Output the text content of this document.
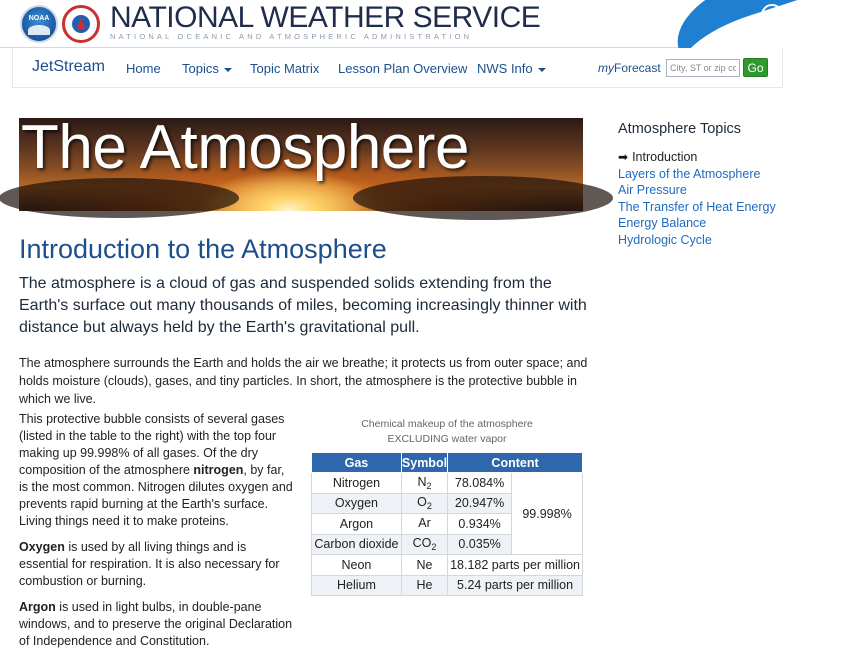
NOAA NATIONAL WEATHER SERVICE
NATIONAL OCEANIC AND ATMOSPHERIC ADMINISTRATION
❅
JetStream Home Topics	Topic Matrix Lesson Plan Overview NWS Info	myForecast
City, ST or zip code	Go
The Atmosphere
Introduction to the Atmosphere

The atmosphere is a cloud of gas and suspended solids extending from the Earth's surface out many thousands of miles, becoming increasingly thinner with distance but always held by the Earth's gravitational pull.

The atmosphere surrounds the Earth and holds the air we breathe; it protects us from outer space; and holds moisture (clouds), gases, and tiny particles. In short, the atmosphere is the protective bubble in which we live.

This protective bubble consists of several gases (listed in the table to the right) with the top four making up 99.998% of all gases. Of the dry composition of the atmosphere nitrogen, by far, is the most common. Nitrogen dilutes oxygen and prevents rapid burning at the Earth's surface. Living things need it to make proteins.

Oxygen is used by all living things and is essential for respiration. It is also necessary for combustion or burning.

Argon is used in light bulbs, in double-pane windows, and to preserve the original Declaration of Independence and Constitution.

Chemical makeup of the atmosphere
EXCLUDING water vapor
Gas	Symbol	Content	
Nitrogen	$N_2$	78.084%	99.998%
Oxygen	$O_2$	20.947%	
Argon	Ar	0.934%	
Carbon dioxide	$CO_2$	0.035%	
Neon	Ne	18.182 parts per million	
Helium	He	5.24 parts per million	
Atmosphere Topics
➡ Introduction
Layers of the Atmosphere
Air Pressure
The Transfer of Heat Energy
Energy Balance
Hydrologic Cycle
